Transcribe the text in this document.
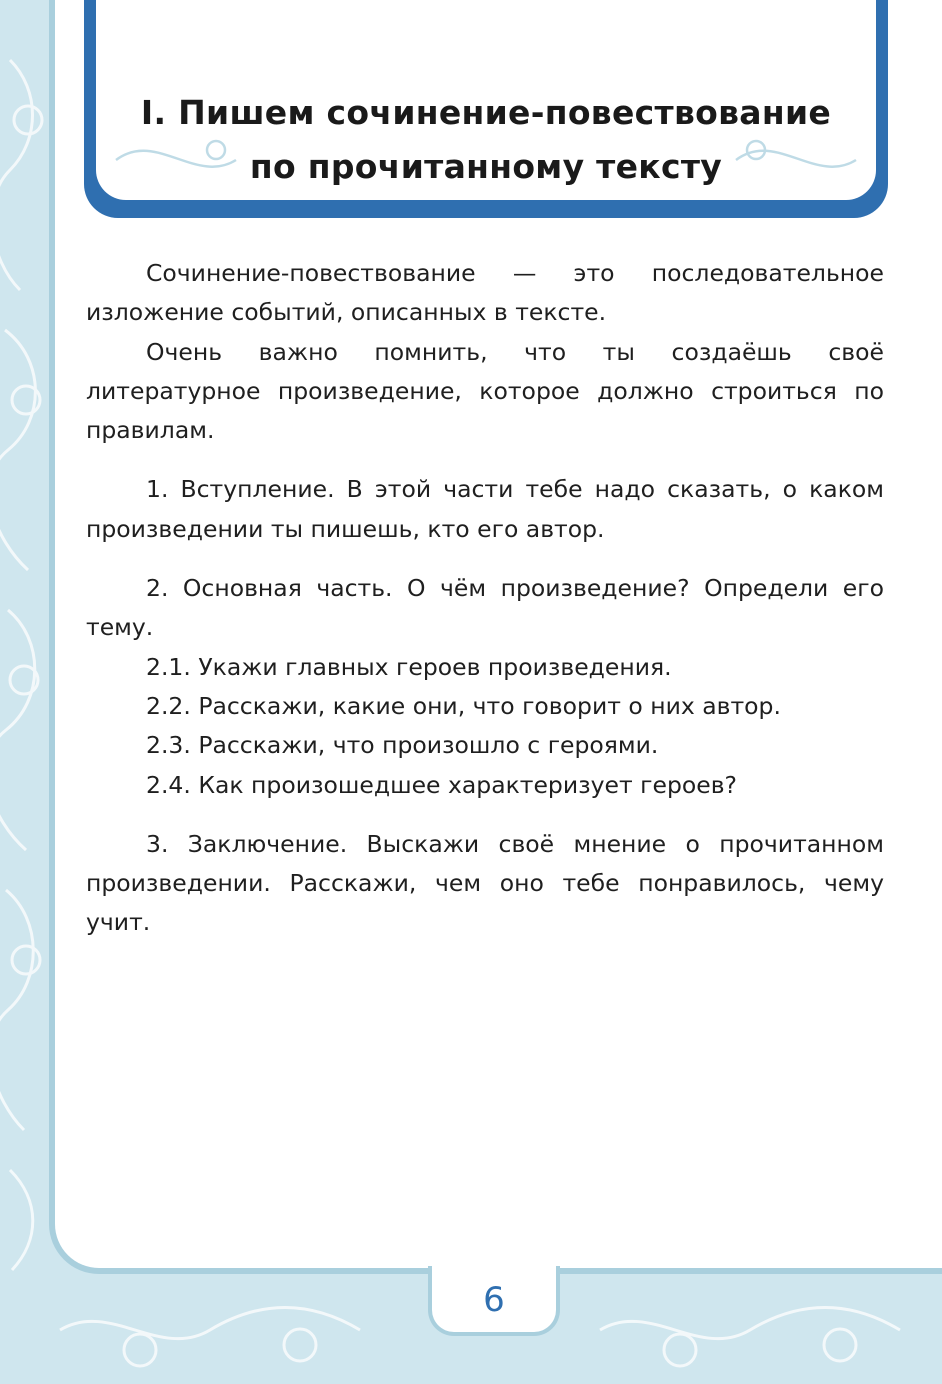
I. Пишем сочинение-повествование
по прочитанному тексту

Сочинение-повествование — это последовательное изложение событий, описанных в тексте.

Очень важно помнить, что ты создаёшь своё литературное произведение, которое должно строиться по правилам.

1. Вступление. В этой части тебе надо сказать, о каком произведении ты пишешь, кто его автор.

2. Основная часть. О чём произведение? Определи его тему.

2.1. Укажи главных героев произведения.

2.2. Расскажи, какие они, что говорит о них автор.

2.3. Расскажи, что произошло с героями.

2.4. Как произошедшее характеризует героев?

3. Заключение. Выскажи своё мнение о прочитанном произведении. Расскажи, чем оно тебе понравилось, чему учит.

6
